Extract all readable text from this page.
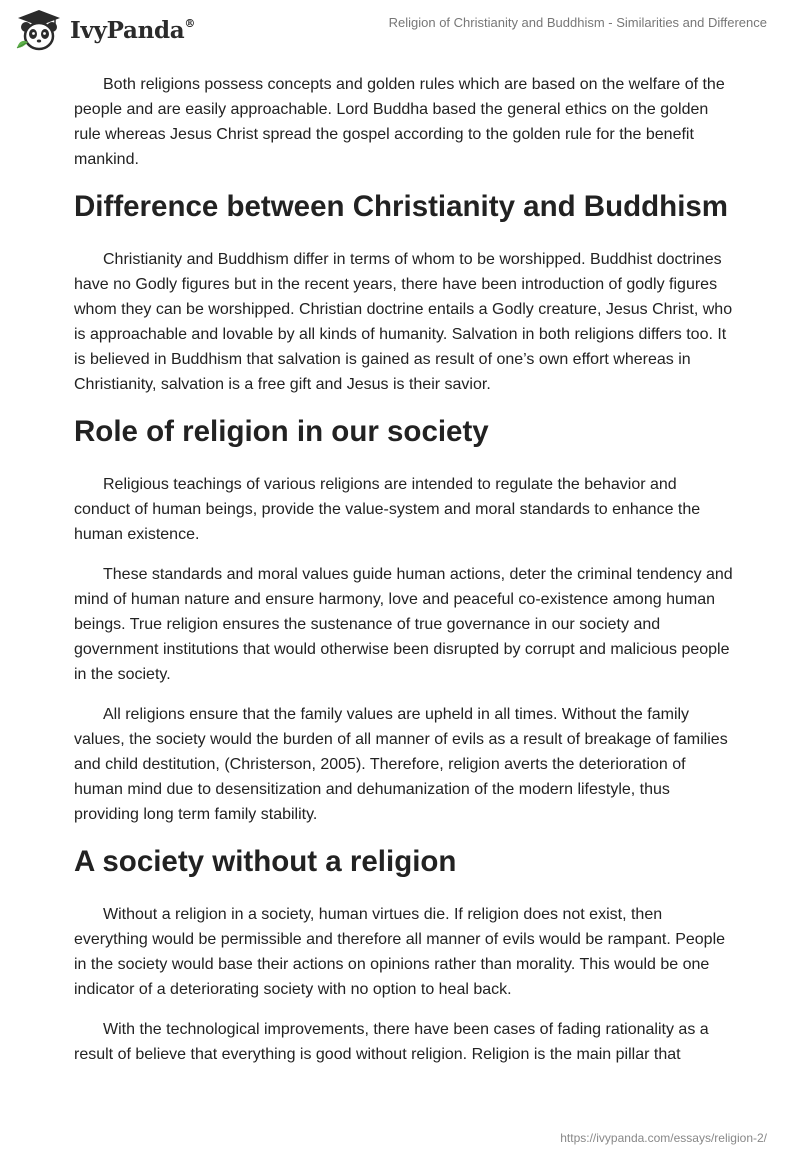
IvyPanda®	Religion of Christianity and Buddhism - Similarities and Difference

Both religions possess concepts and golden rules which are based on the welfare of the people and are easily approachable. Lord Buddha based the general ethics on the golden rule whereas Jesus Christ spread the gospel according to the golden rule for the benefit mankind.

Difference between Christianity and Buddhism

Christianity and Buddhism differ in terms of whom to be worshipped. Buddhist doctrines have no Godly figures but in the recent years, there have been introduction of godly figures whom they can be worshipped. Christian doctrine entails a Godly creature, Jesus Christ, who is approachable and lovable by all kinds of humanity. Salvation in both religions differs too. It is believed in Buddhism that salvation is gained as result of one’s own effort whereas in Christianity, salvation is a free gift and Jesus is their savior.

Role of religion in our society

Religious teachings of various religions are intended to regulate the behavior and conduct of human beings, provide the value-system and moral standards to enhance the human existence.

These standards and moral values guide human actions, deter the criminal tendency and mind of human nature and ensure harmony, love and peaceful co-existence among human beings. True religion ensures the sustenance of true governance in our society and government institutions that would otherwise been disrupted by corrupt and malicious people in the society.

All religions ensure that the family values are upheld in all times. Without the family values, the society would the burden of all manner of evils as a result of breakage of families and child destitution, (Christerson, 2005). Therefore, religion averts the deterioration of human mind due to desensitization and dehumanization of the modern lifestyle, thus providing long term family stability.

A society without a religion

Without a religion in a society, human virtues die. If religion does not exist, then everything would be permissible and therefore all manner of evils would be rampant. People in the society would base their actions on opinions rather than morality. This would be one indicator of a deteriorating society with no option to heal back.

With the technological improvements, there have been cases of fading rationality as a result of believe that everything is good without religion. Religion is the main pillar that

https://ivypanda.com/essays/religion-2/
